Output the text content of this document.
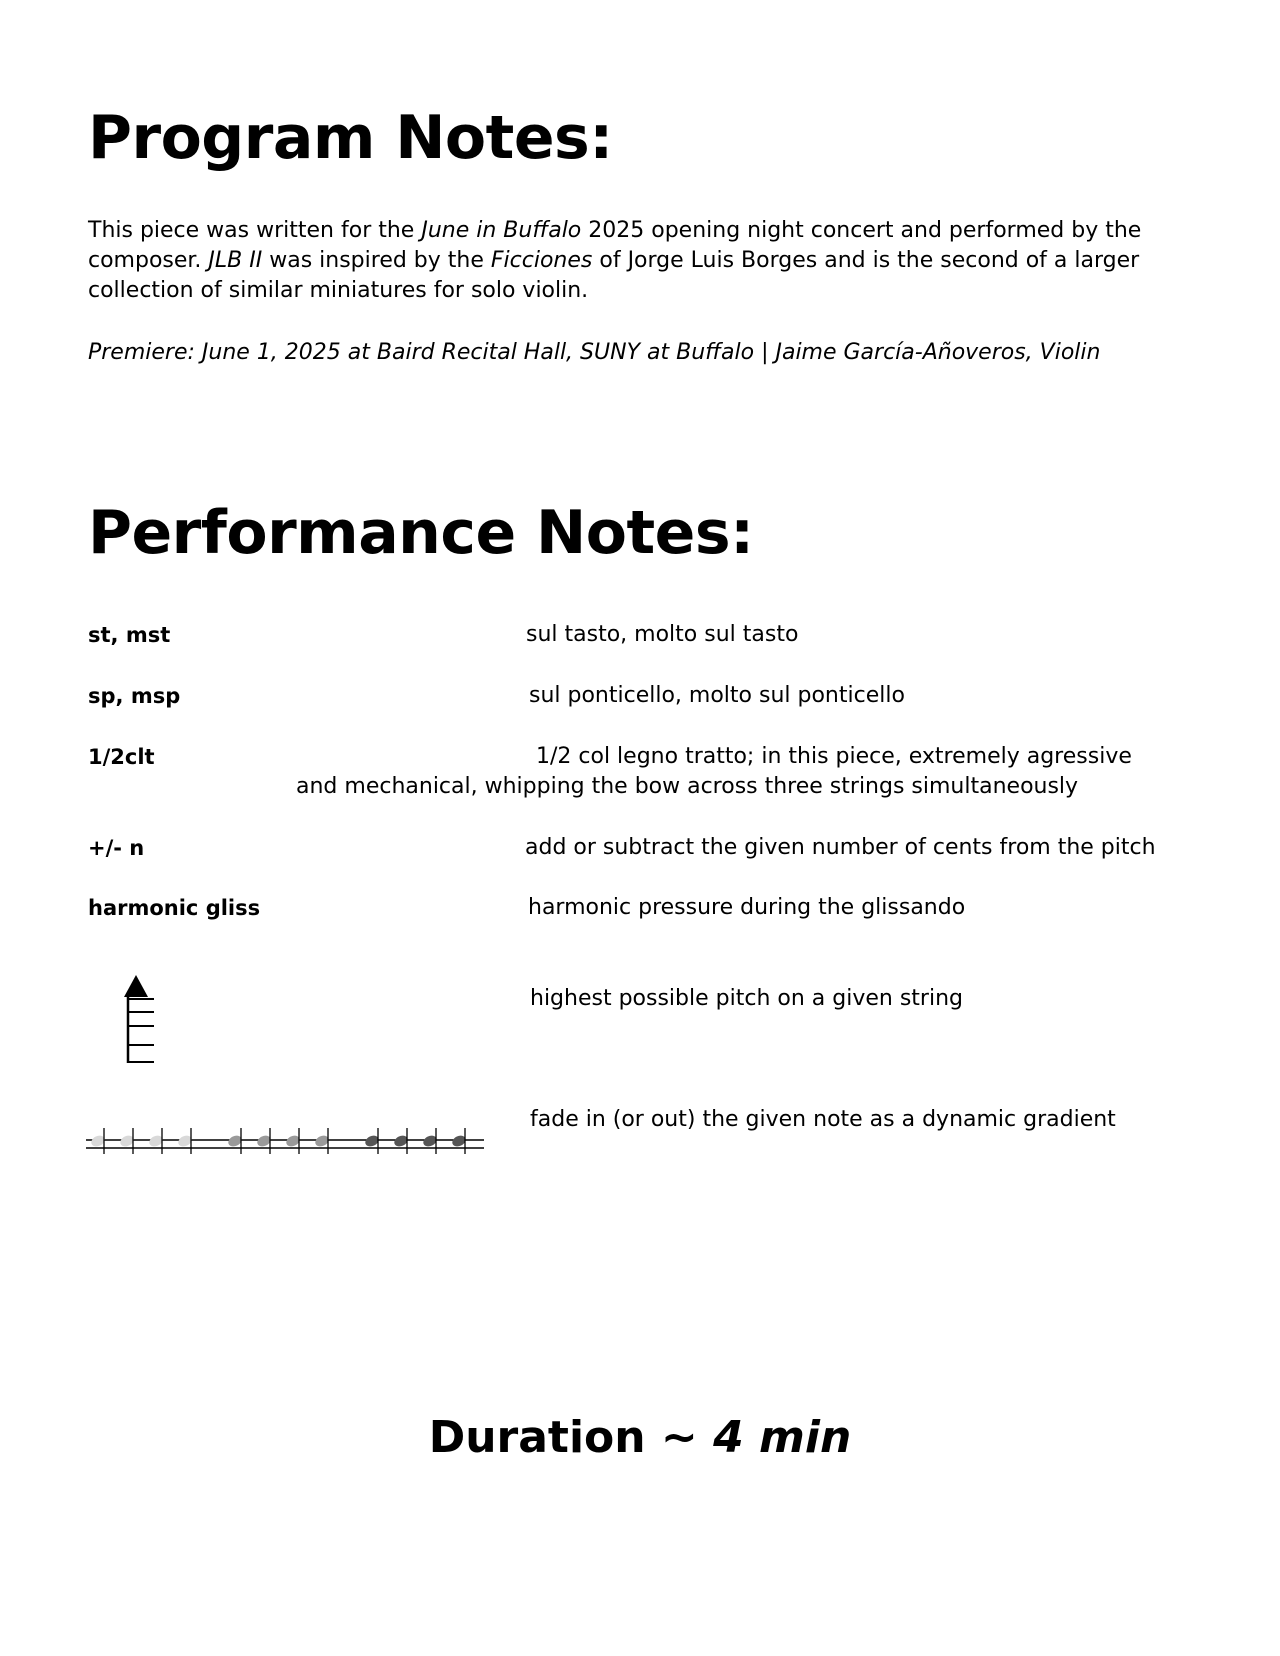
Program Notes:

This piece was written for the June in Buffalo 2025 opening night concert and performed by the composer. JLB II was inspired by the Ficciones of Jorge Luis Borges and is the second of a larger collection of similar miniatures for solo violin.

Premiere: June 1, 2025 at Baird Recital Hall, SUNY at Buffalo | Jaime García-Añoveros, Violin

Performance Notes:
st, mst	sul tasto, molto sul tasto
sp, msp	sul ponticello, molto sul ponticello
1/2clt	1/2 col legno tratto; in this piece, extremely agressive and mechanical, whipping the bow across three strings simultaneously
+/- n	add or subtract the given number of cents from the pitch
harmonic gliss	harmonic pressure during the glissando
highest possible pitch on a given string
fade in (or out) the given note as a dynamic gradient
Duration ~ 4 min
